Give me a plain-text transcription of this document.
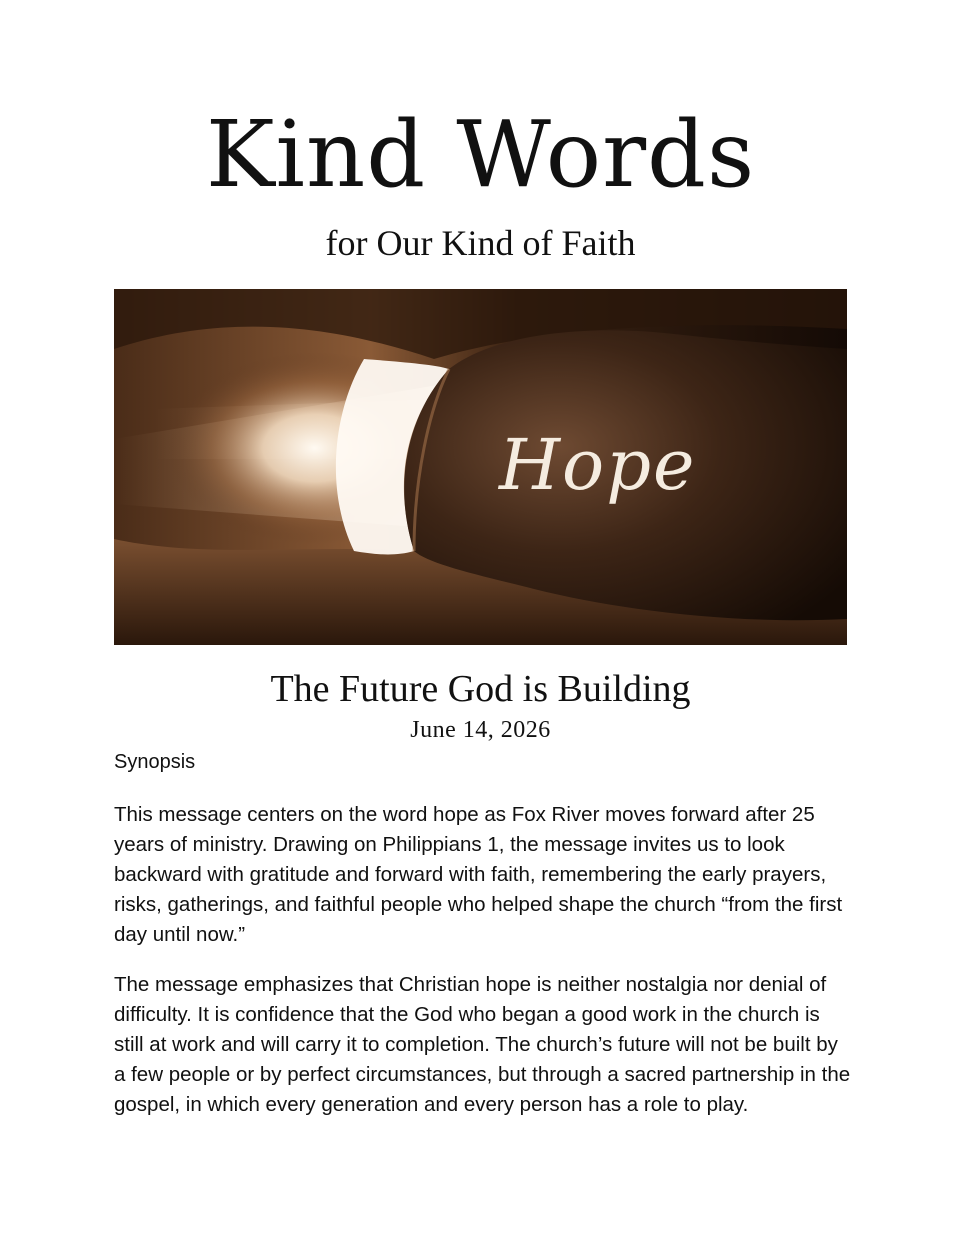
Kind Words
for Our Kind of Faith
Hope
The Future God is Building
June 14, 2026
Synopsis

This message centers on the word hope as Fox River moves forward after 25 years of ministry. Drawing on Philippians 1, the message invites us to look backward with gratitude and forward with faith, remembering the early prayers, risks, gatherings, and faithful people who helped shape the church “from the first day until now.”

The message emphasizes that Christian hope is neither nostalgia nor denial of difficulty. It is confidence that the God who began a good work in the church is still at work and will carry it to completion. The church’s future will not be built by a few people or by perfect circumstances, but through a sacred partnership in the gospel, in which every generation and every person has a role to play.
